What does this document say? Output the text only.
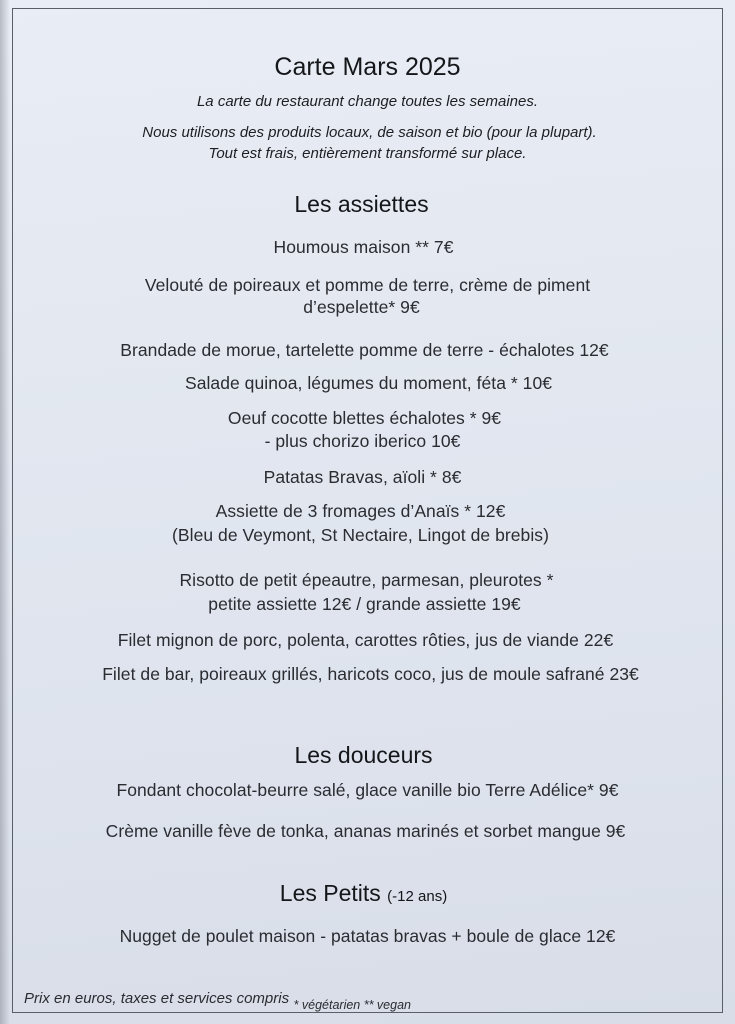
Carte Mars 2025
La carte du restaurant change toutes les semaines.
Nous utilisons des produits locaux, de saison et bio (pour la plupart).
Tout est frais, entièrement transformé sur place.
Les assiettes
Houmous maison ** 7€
Velouté de poireaux et pomme de terre, crème de piment
d’espelette* 9€
Brandade de morue, tartelette pomme de terre - échalotes 12€
Salade quinoa, légumes du moment, féta * 10€
Oeuf cocotte blettes échalotes * 9€
- plus chorizo iberico 10€
Patatas Bravas, aïoli * 8€
Assiette de 3 fromages d’Anaïs * 12€
(Bleu de Veymont, St Nectaire, Lingot de brebis)
Risotto de petit épeautre, parmesan, pleurotes *
petite assiette 12€ / grande assiette 19€
Filet mignon de porc, polenta, carottes rôties, jus de viande 22€
Filet de bar, poireaux grillés, haricots coco, jus de moule safrané 23€
Les douceurs
Fondant chocolat-beurre salé, glace vanille bio Terre Adélice* 9€
Crème vanille fève de tonka, ananas marinés et sorbet mangue 9€
Les Petits (-12 ans)
Nugget de poulet maison - patatas bravas + boule de glace 12€
Prix en euros, taxes et services compris $_{* végétarien ** vegan}$
